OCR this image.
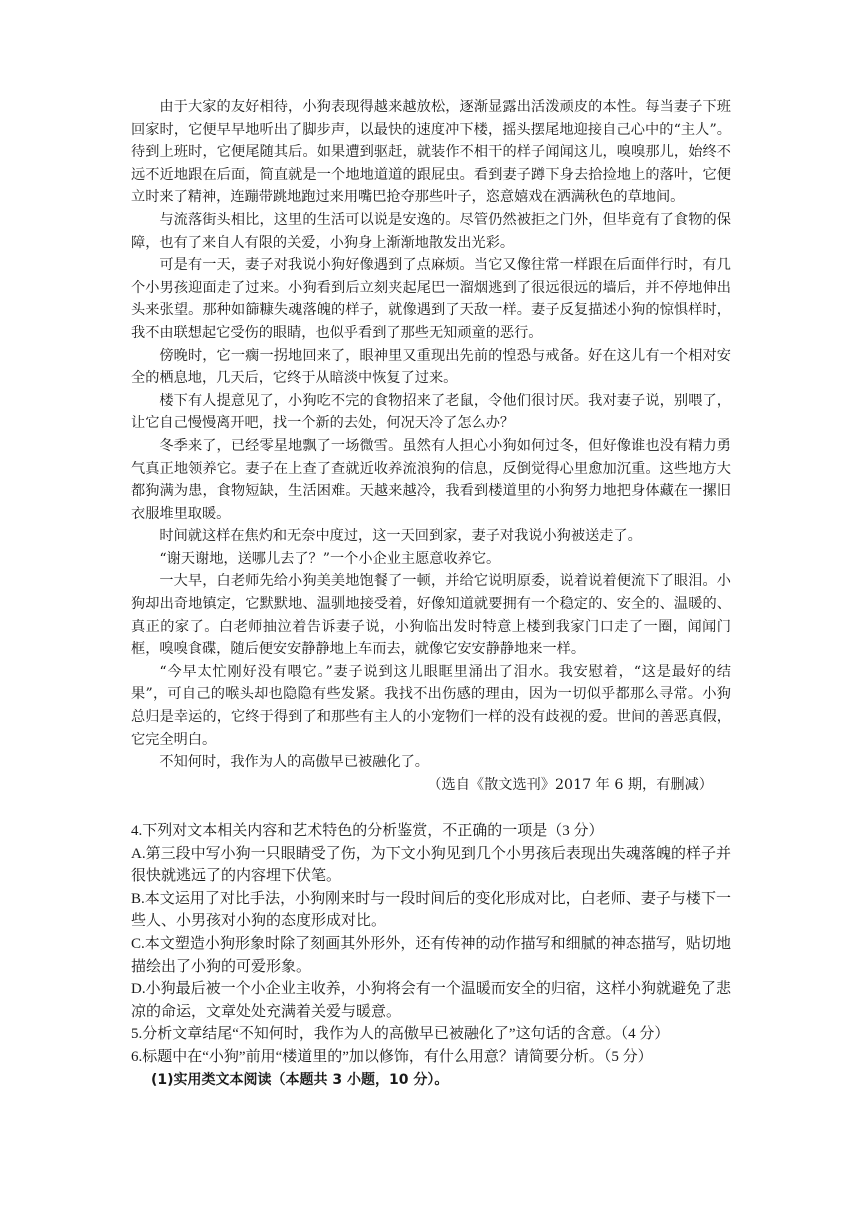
由于大家的友好相待，小狗表现得越来越放松，逐渐显露出活泼顽皮的本性。每当妻子下班回家时，它便早早地听出了脚步声，以最快的速度冲下楼，摇头摆尾地迎接自己心中的“主人”。待到上班时，它便尾随其后。如果遭到驱赶，就装作不相干的样子闻闻这儿，嗅嗅那儿，始终不远不近地跟在后面，简直就是一个地地道道的跟屁虫。看到妻子蹲下身去拾捡地上的落叶，它便立时来了精神，连蹦带跳地跑过来用嘴巴抢夺那些叶子，恣意嬉戏在洒满秋色的草地间。

与流落街头相比，这里的生活可以说是安逸的。尽管仍然被拒之门外，但毕竟有了食物的保障，也有了来自人有限的关爱，小狗身上渐渐地散发出光彩。

可是有一天，妻子对我说小狗好像遇到了点麻烦。当它又像往常一样跟在后面伴行时，有几个小男孩迎面走了过来。小狗看到后立刻夹起尾巴一溜烟逃到了很远很远的墙后，并不停地伸出头来张望。那种如篩糠失魂落魄的样子，就像遇到了天敌一样。妻子反复描述小狗的惊惧样时，我不由联想起它受伤的眼睛，也似乎看到了那些无知顽童的恶行。

傍晚时，它一瘸一拐地回来了，眼神里又重现出先前的惶恐与戒备。好在这儿有一个相对安全的栖息地，几天后，它终于从暗淡中恢复了过来。

楼下有人提意见了，小狗吃不完的食物招来了老鼠，令他们很讨厌。我对妻子说，别喂了，让它自己慢慢离开吧，找一个新的去处，何况天冷了怎么办？

冬季来了，已经零星地飘了一场微雪。虽然有人担心小狗如何过冬，但好像谁也没有精力勇气真正地领养它。妻子在上查了查就近收养流浪狗的信息，反倒觉得心里愈加沉重。这些地方大都狗满为患，食物短缺，生活困难。天越来越冷，我看到楼道里的小狗努力地把身体藏在一摞旧衣服堆里取暖。

时间就这样在焦灼和无奈中度过，这一天回到家，妻子对我说小狗被送走了。

“谢天谢地，送哪儿去了？”一个小企业主愿意收养它。

一大早，白老师先给小狗美美地饱餐了一顿，并给它说明原委，说着说着便流下了眼泪。小狗却出奇地镇定，它默默地、温驯地接受着，好像知道就要拥有一个稳定的、安全的、温暖的、真正的家了。白老师抽泣着告诉妻子说，小狗临出发时特意上楼到我家门口走了一圈，闻闻门框，嗅嗅食碟，随后便安安静静地上车而去，就像它安安静静地来一样。

“今早太忙刚好没有喂它。”妻子说到这儿眼眶里涌出了泪水。我安慰着，“这是最好的结果”，可自己的喉头却也隐隐有些发紧。我找不出伤感的理由，因为一切似乎都那么寻常。小狗总归是幸运的，它终于得到了和那些有主人的小宠物们一样的没有歧视的爱。世间的善恶真假，它完全明白。

不知何时，我作为人的高傲早已被融化了。

（选自《散文选刊》2017 年 6 期，有删减）

4.下列对文本相关内容和艺术特色的分析鉴赏，不正确的一项是（3 分）

A.第三段中写小狗一只眼睛受了伤，为下文小狗见到几个小男孩后表现出失魂落魄的样子并很快就逃远了的内容埋下伏笔。

B.本文运用了对比手法，小狗刚来时与一段时间后的变化形成对比，白老师、妻子与楼下一些人、小男孩对小狗的态度形成对比。

C.本文塑造小狗形象时除了刻画其外形外，还有传神的动作描写和细腻的神态描写，贴切地描绘出了小狗的可爱形象。

D.小狗最后被一个小企业主收养，小狗将会有一个温暖而安全的归宿，这样小狗就避免了悲凉的命运，文章处处充满着关爱与暖意。

5.分析文章结尾“不知何时，我作为人的高傲早已被融化了”这句话的含意。（4 分）

6.标题中在“小狗”前用“楼道里的”加以修饰，有什么用意？请简要分析。（5 分）

(1)实用类文本阅读（本题共 3 小题，10 分）。
